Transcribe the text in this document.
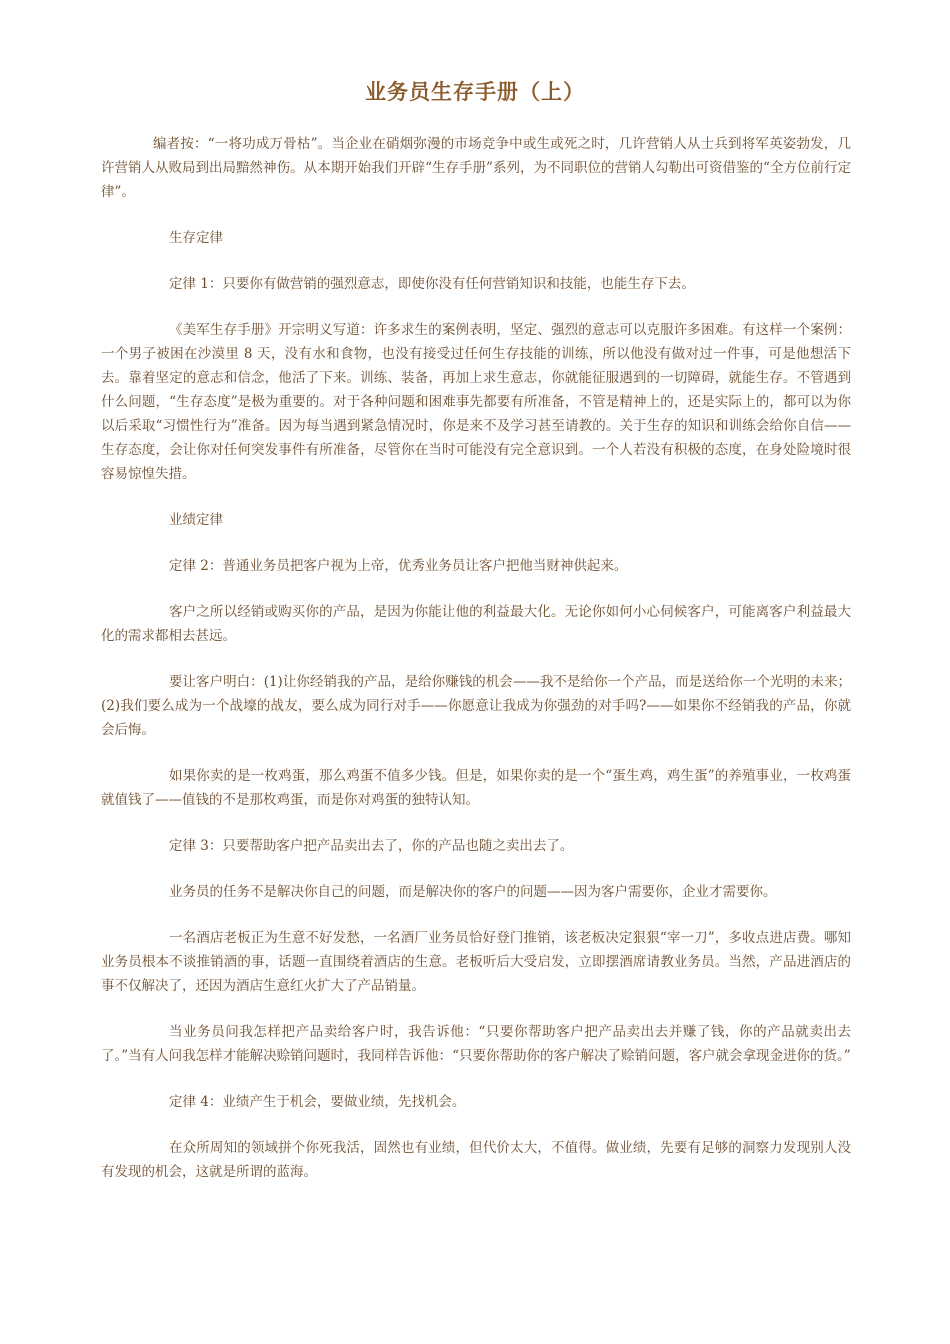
业务员生存手册（上）

编者按：“一将功成万骨枯”。当企业在硝烟弥漫的市场竞争中或生或死之时，几许营销人从士兵到将军英姿勃发，几许营销人从败局到出局黯然神伤。从本期开始我们开辟“生存手册”系列，为不同职位的营销人勾勒出可资借鉴的“全方位前行定律”。

生存定律

定律 1：只要你有做营销的强烈意志，即使你没有任何营销知识和技能，也能生存下去。

《美军生存手册》开宗明义写道：许多求生的案例表明，坚定、强烈的意志可以克服许多困难。有这样一个案例：一个男子被困在沙漠里 8 天，没有水和食物，也没有接受过任何生存技能的训练，所以他没有做对过一件事，可是他想活下去。靠着坚定的意志和信念，他活了下来。训练、装备，再加上求生意志，你就能征服遇到的一切障碍，就能生存。不管遇到什么问题，“生存态度”是极为重要的。对于各种问题和困难事先都要有所准备，不管是精神上的，还是实际上的，都可以为你以后采取“习惯性行为”准备。因为每当遇到紧急情况时，你是来不及学习甚至请教的。关于生存的知识和训练会给你自信——生存态度，会让你对任何突发事件有所准备，尽管你在当时可能没有完全意识到。一个人若没有积极的态度，在身处险境时很容易惊惶失措。

业绩定律

定律 2：普通业务员把客户视为上帝，优秀业务员让客户把他当财神供起来。

客户之所以经销或购买你的产品，是因为你能让他的利益最大化。无论你如何小心伺候客户，可能离客户利益最大化的需求都相去甚远。

要让客户明白：(1)让你经销我的产品，是给你赚钱的机会——我不是给你一个产品，而是送给你一个光明的未来；(2)我们要么成为一个战壕的战友，要么成为同行对手——你愿意让我成为你强劲的对手吗?——如果你不经销我的产品，你就会后悔。

如果你卖的是一枚鸡蛋，那么鸡蛋不值多少钱。但是，如果你卖的是一个“蛋生鸡，鸡生蛋”的养殖事业，一枚鸡蛋就值钱了——值钱的不是那枚鸡蛋，而是你对鸡蛋的独特认知。

定律 3：只要帮助客户把产品卖出去了，你的产品也随之卖出去了。

业务员的任务不是解决你自己的问题，而是解决你的客户的问题——因为客户需要你，企业才需要你。

一名酒店老板正为生意不好发愁，一名酒厂业务员恰好登门推销，该老板决定狠狠“宰一刀”，多收点进店费。哪知业务员根本不谈推销酒的事，话题一直围绕着酒店的生意。老板听后大受启发，立即摆酒席请教业务员。当然，产品进酒店的事不仅解决了，还因为酒店生意红火扩大了产品销量。

当业务员问我怎样把产品卖给客户时，我告诉他：“只要你帮助客户把产品卖出去并赚了钱，你的产品就卖出去了。”当有人问我怎样才能解决赊销问题时，我同样告诉他：“只要你帮助你的客户解决了赊销问题，客户就会拿现金进你的货。”

定律 4：业绩产生于机会，要做业绩，先找机会。

在众所周知的领域拼个你死我活，固然也有业绩，但代价太大，不值得。做业绩，先要有足够的洞察力发现别人没有发现的机会，这就是所谓的蓝海。
